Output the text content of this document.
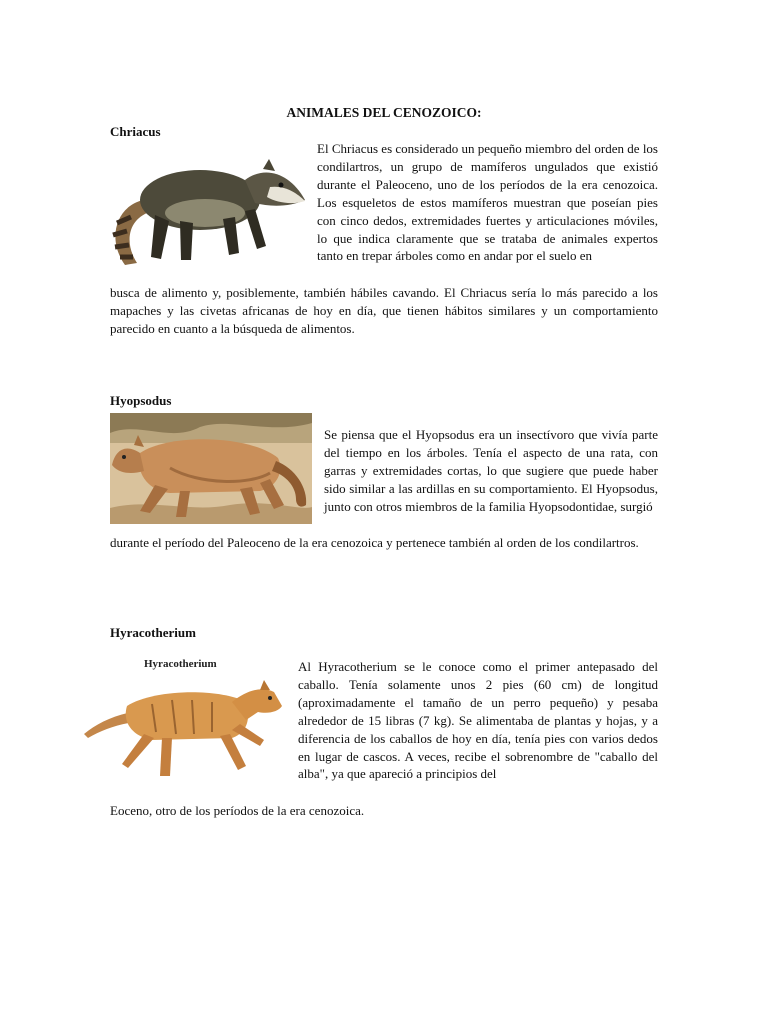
ANIMALES DEL CENOZOICO:
Chriacus

El Chriacus es considerado un pequeño miembro del orden de los condilartros, un grupo de mamíferos ungulados que existió durante el Paleoceno, uno de los períodos de la era cenozoica. Los esqueletos de estos mamíferos muestran que poseían pies con cinco dedos, extremidades fuertes y articulaciones móviles, lo que indica claramente que se trataba de animales expertos tanto en trepar árboles como en andar por el suelo en

busca de alimento y, posiblemente, también hábiles cavando. El Chriacus sería lo más parecido a los mapaches y las civetas africanas de hoy en día, que tienen hábitos similares y un comportamiento parecido en cuanto a la búsqueda de alimentos.

Hyopsodus

Se piensa que el Hyopsodus era un insectívoro que vivía parte del tiempo en los árboles. Tenía el aspecto de una rata, con garras y extremidades cortas, lo que sugiere que puede haber sido similar a las ardillas en su comportamiento. El Hyopsodus, junto con otros miembros de la familia Hyopsodontidae, surgió

durante el período del Paleoceno de la era cenozoica y pertenece también al orden de los condilartros.

Hyracotherium
Hyracotherium	Al Hyracotherium se le conoce como el primer antepasado del caballo. Tenía solamente unos 2 pies (60 cm) de longitud (aproximadamente el tamaño de un perro pequeño) y pesaba alrededor de 15 libras (7 kg). Se alimentaba de plantas y hojas, y a diferencia de los caballos de hoy en día, tenía pies con varios dedos en lugar de cascos. A veces, recibe el sobrenombre de "caballo del alba", ya que apareció a principios del

Eoceno, otro de los períodos de la era cenozoica.
